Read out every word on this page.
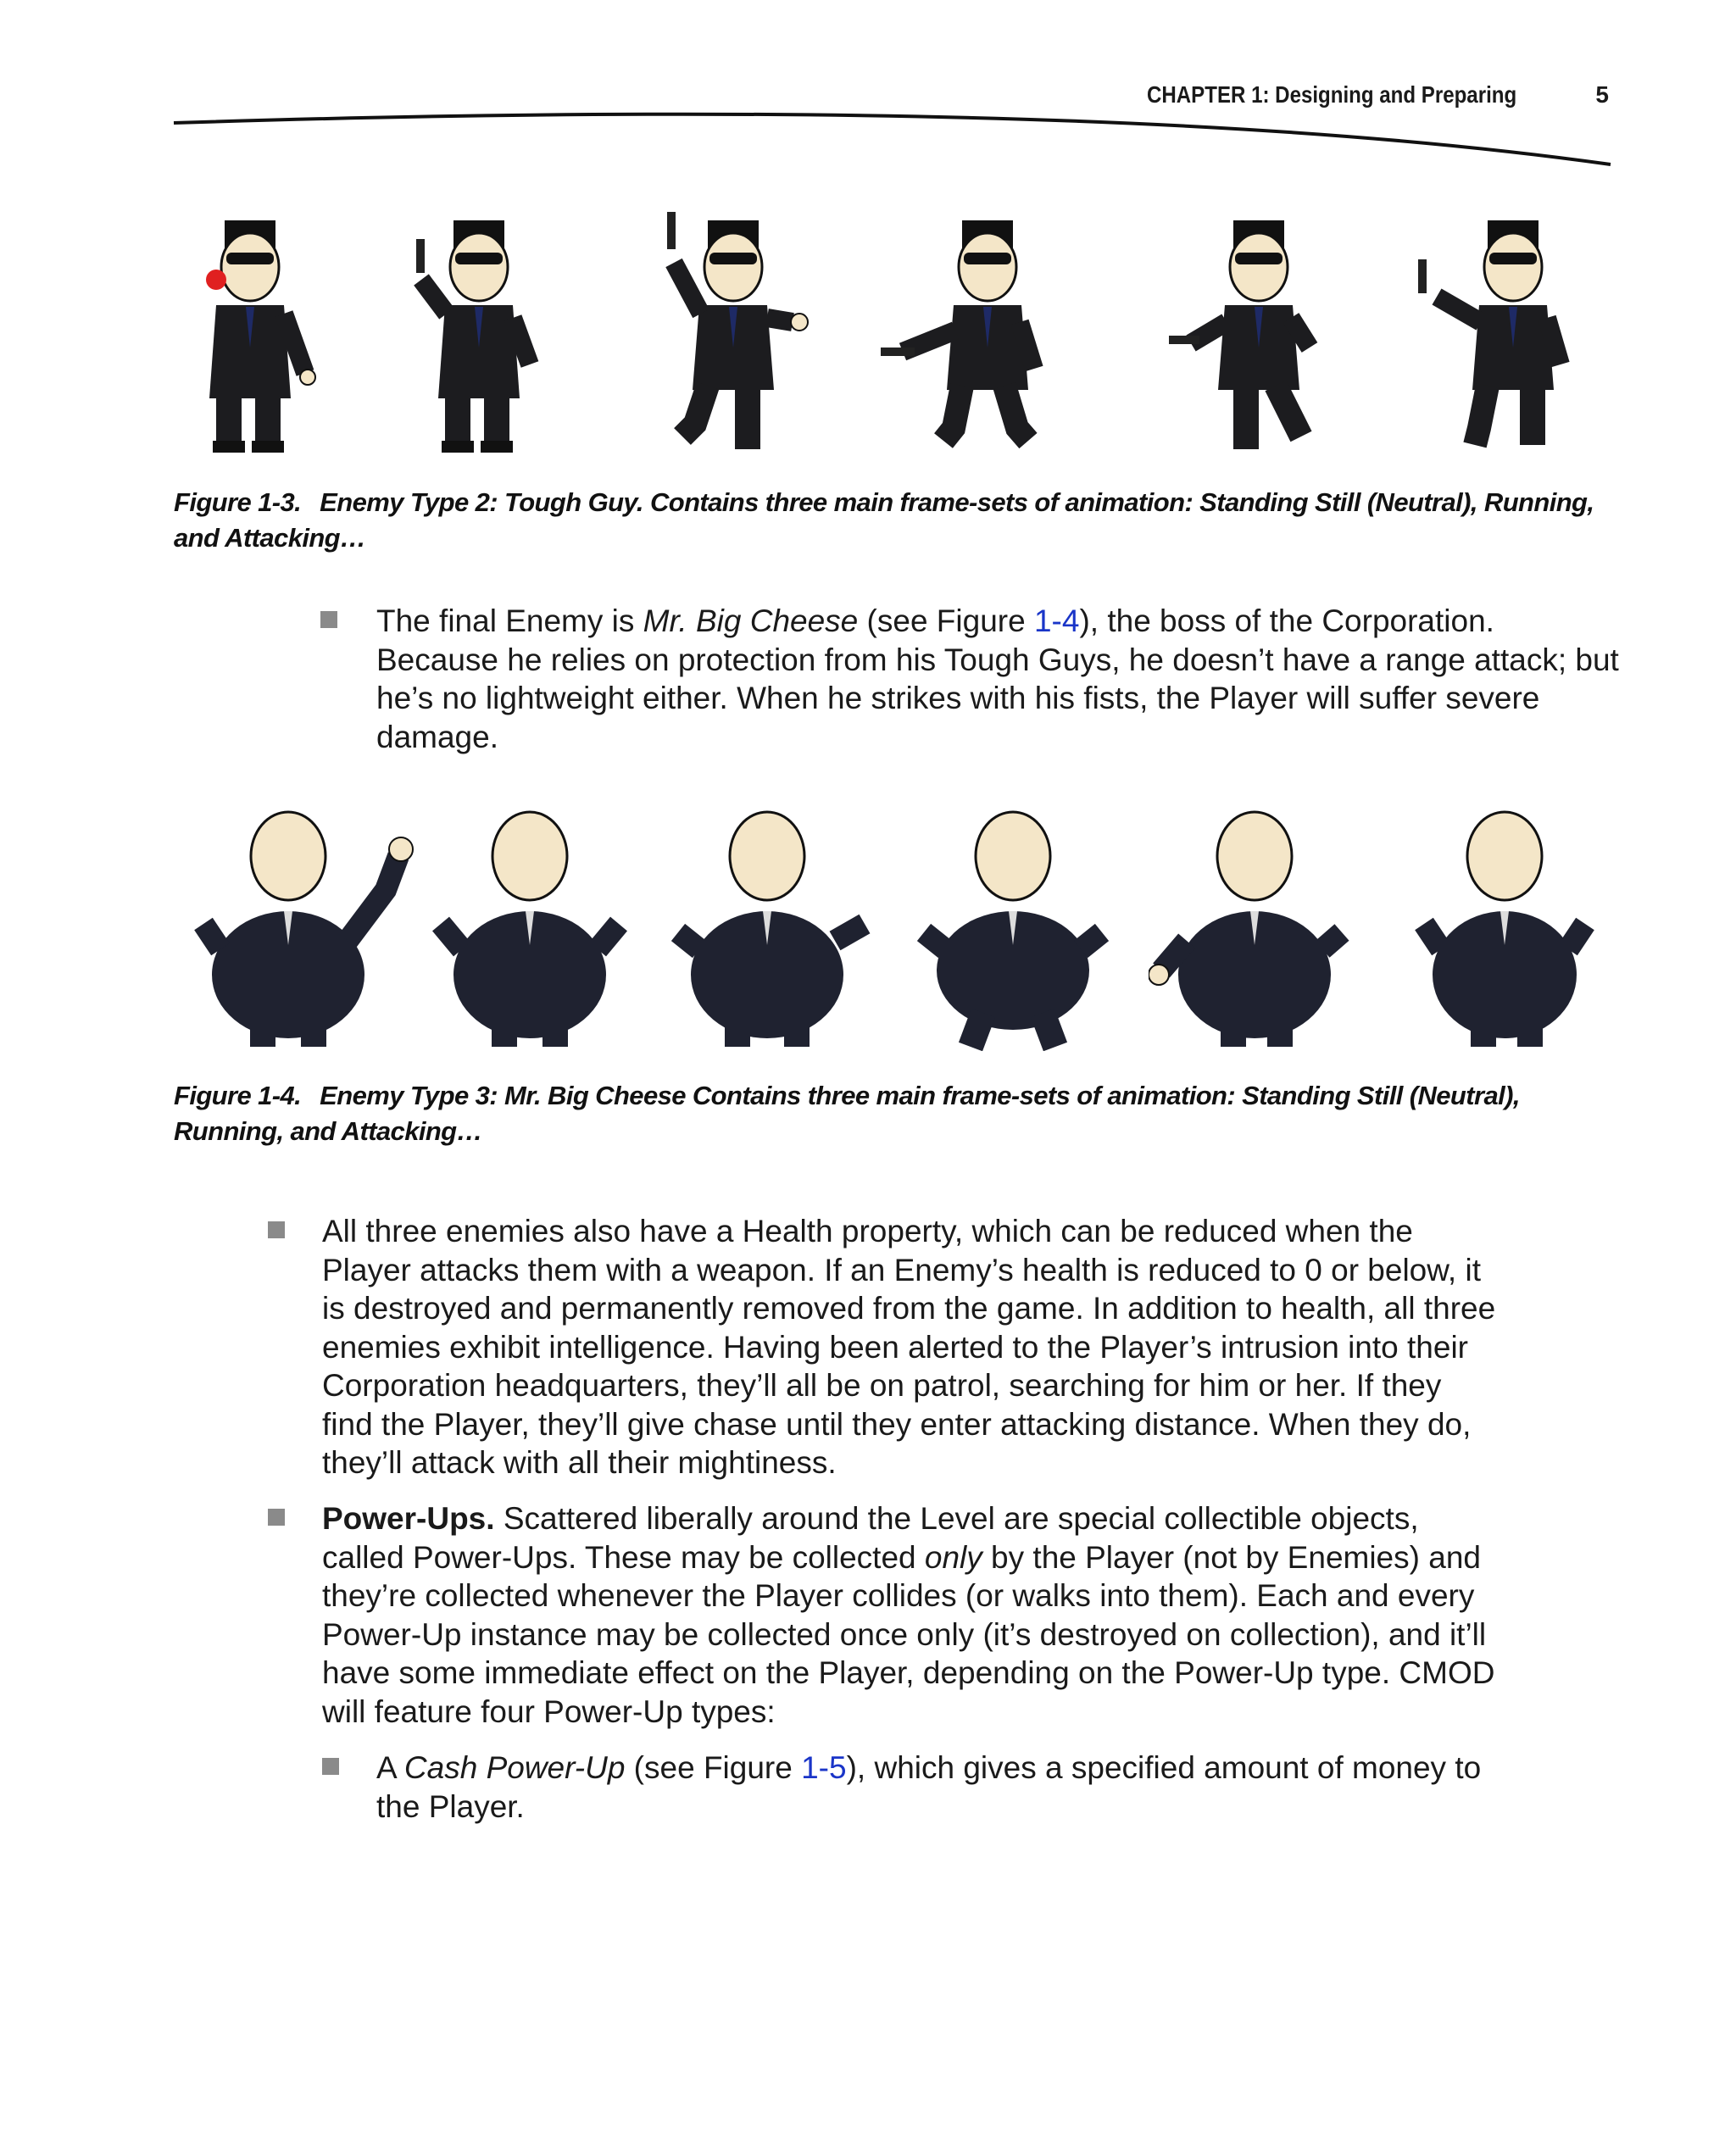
CHAPTER 1: Designing and Preparing	5
Figure 1-3. Enemy Type 2: Tough Guy. Contains three main frame-sets of animation: Standing Still (Neutral), Running, and Attacking…
The final Enemy is Mr. Big Cheese (see Figure 1-4), the boss of the Corporation. Because he relies on protection from his Tough Guys, he doesn’t have a range attack; but he’s no lightweight either. When he strikes with his fists, the Player will suffer severe damage.
Figure 1-4. Enemy Type 3: Mr. Big Cheese Contains three main frame-sets of animation: Standing Still (Neutral), Running, and Attacking…
All three enemies also have a Health property, which can be reduced when the Player attacks them with a weapon. If an Enemy’s health is reduced to 0 or below, it is destroyed and permanently removed from the game. In addition to health, all three enemies exhibit intelligence. Having been alerted to the Player’s intrusion into their Corporation headquarters, they’ll all be on patrol, searching for him or her. If they find the Player, they’ll give chase until they enter attacking distance. When they do, they’ll attack with all their mightiness.
Power-Ups. Scattered liberally around the Level are special collectible objects, called Power-Ups. These may be collected only by the Player (not by Enemies) and they’re collected whenever the Player collides (or walks into them). Each and every Power-Up instance may be collected once only (it’s destroyed on collection), and it’ll have some immediate effect on the Player, depending on the Power-Up type. CMOD will feature four Power-Up types:
A Cash Power-Up (see Figure 1-5), which gives a specified amount of money to the Player.
